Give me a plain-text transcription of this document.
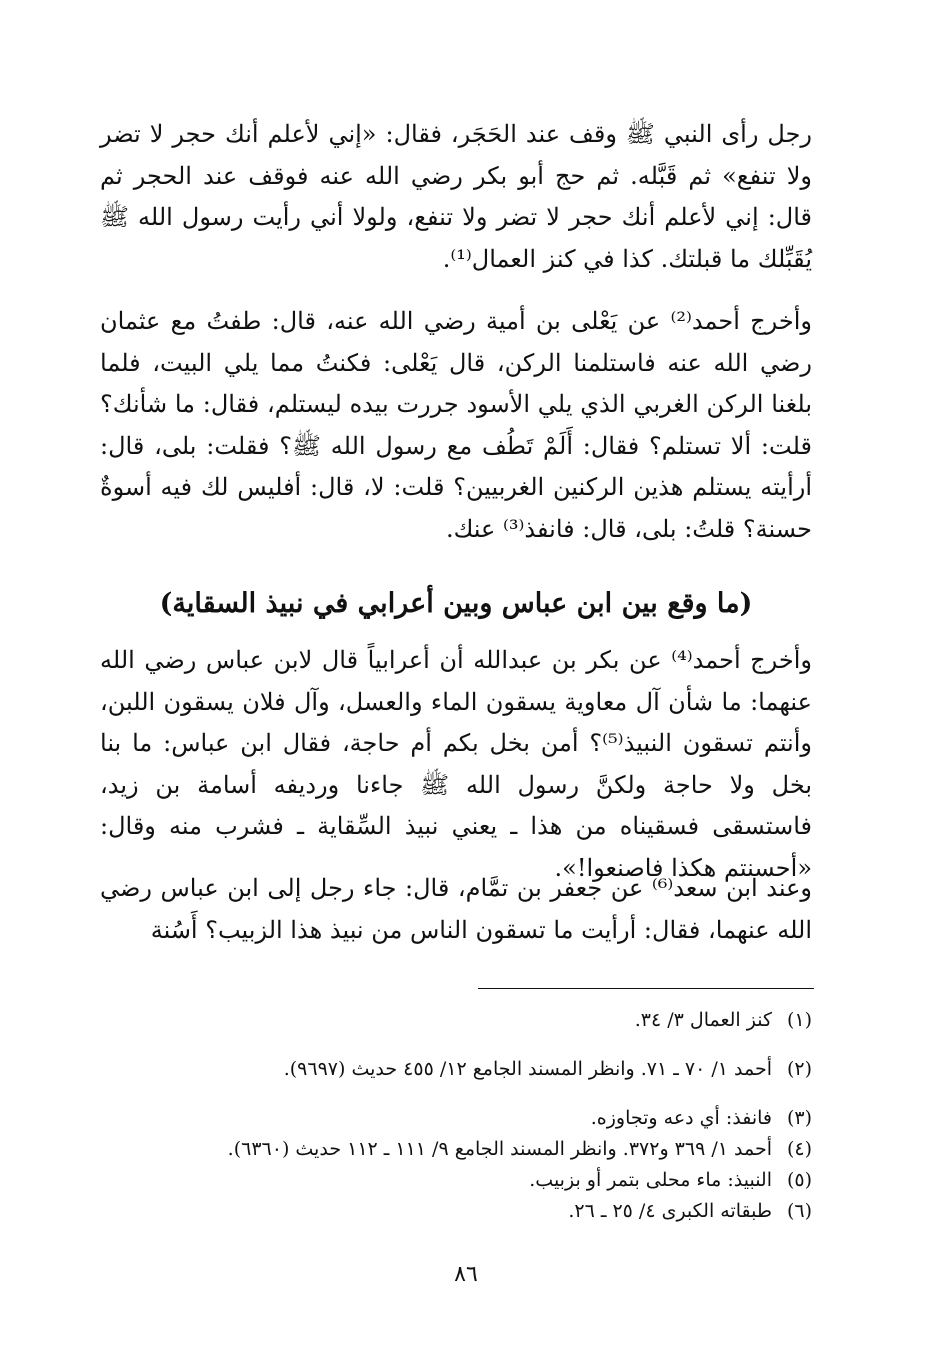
رجل رأى النبي ﷺ وقف عند الحَجَر، فقال: «إني لأعلم أنك حجر لا تضر ولا تنفع» ثم قَبَّله. ثم حج أبو بكر رضي الله عنه فوقف عند الحجر ثم قال: إني لأعلم أنك حجر لا تضر ولا تنفع، ولولا أني رأيت رسول الله ﷺ يُقَبِّلك ما قبلتك. كذا في كنز العمال⁽¹⁾.

وأخرج أحمد⁽²⁾ عن يَعْلى بن أمية رضي الله عنه، قال: طفتُ مع عثمان رضي الله عنه فاستلمنا الركن، قال يَعْلى: فكنتُ مما يلي البيت، فلما بلغنا الركن الغربي الذي يلي الأسود جررت بيده ليستلم، فقال: ما شأنك؟ قلت: ألا تستلم؟ فقال: أَلَمْ تَطُف مع رسول الله ﷺ؟ فقلت: بلى، قال: أرأيته يستلم هذين الركنين الغربيين؟ قلت: لا، قال: أفليس لك فيه أسوةٌ حسنة؟ قلتُ: بلى، قال: فانفذ⁽³⁾ عنك.

(ما وقع بين ابن عباس وبين أعرابي في نبيذ السقاية)

وأخرج أحمد⁽⁴⁾ عن بكر بن عبدالله أن أعرابياً قال لابن عباس رضي الله عنهما: ما شأن آل معاوية يسقون الماء والعسل، وآل فلان يسقون اللبن، وأنتم تسقون النبيذ⁽⁵⁾؟ أمن بخل بكم أم حاجة، فقال ابن عباس: ما بنا بخل ولا حاجة ولكنَّ رسول الله ﷺ جاءنا ورديفه أسامة بن زيد، فاستسقى فسقيناه من هذا ـ يعني نبيذ السِّقاية ـ فشرب منه وقال: «أحسنتم هكذا فاصنعوا!».

وعند ابن سعد⁽⁶⁾ عن جعفر بن تمَّام، قال: جاء رجل إلى ابن عباس رضي الله عنهما، فقال: أرأيت ما تسقون الناس من نبيذ هذا الزبيب؟ أَسُنة

(١)
كنز العمال ٣/ ٣٤.
(٢)
أحمد ١/ ٧٠ ـ ٧١. وانظر المسند الجامع ١٢/ ٤٥٥ حديث (٩٦٩٧).
(٣)
فانفذ: أي دعه وتجاوزه.
(٤)
أحمد ١/ ٣٦٩ و٣٧٢. وانظر المسند الجامع ٩/ ١١١ ـ ١١٢ حديث (٦٣٦٠).
(٥)
النبيذ: ماء محلى بتمر أو بزبيب.
(٦)
طبقاته الكبرى ٤/ ٢٥ ـ ٢٦.
٨٦
